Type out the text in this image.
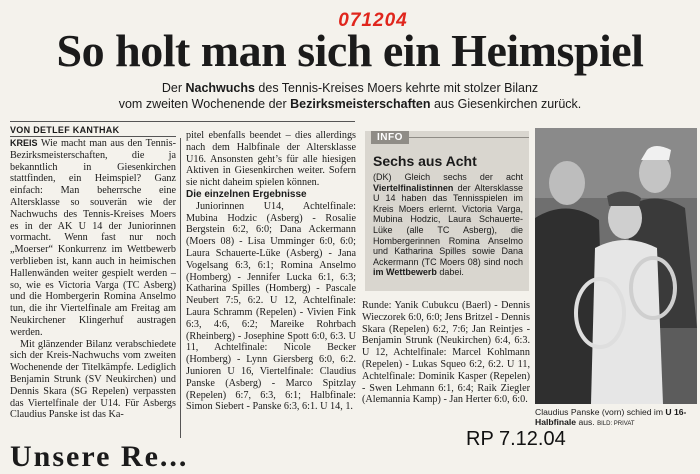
071204
So holt man sich ein Heimspiel
Der Nachwuchs des Tennis-Kreises Moers kehrte mit stolzer Bilanz
vom zweiten Wochenende der Bezirksmeisterschaften aus Giesenkirchen zurück.
VON DETLEF KANTHAK

KREIS Wie macht man aus den Tennis-Bezirksmeisterschaften, die ja bekanntlich in Giesenkirchen stattfinden, ein Heimspiel? Ganz einfach: Man beherrsche eine Altersklasse so souverän wie der Nachwuchs des Tennis-Kreises Moers es in der AK U 14 der Juniorinnen vormacht. Wenn fast nur noch „Moerser“ Konkurrenz im Wettbewerb verblieben ist, kann auch in heimischen Hallenwänden weiter gespielt werden – so, wie es Victoria Varga (TC Asberg) und die Hombergerin Romina Anselmo tun, die ihr Viertelfinale am Freitag am Neukirchener Klingerhuf austragen werden.

Mit glänzender Bilanz verabschiedete sich der Kreis-Nachwuchs vom zweiten Wochenende der Titelkämpfe. Lediglich Benjamin Strunk (SV Neukirchen) und Dennis Skara (SG Repelen) verpassten das Viertelfinale der U14. Für Asbergs Claudius Panske ist das Ka-

pitel ebenfalls beendet – dies allerdings nach dem Halbfinale der Altersklasse U16. Ansonsten geht’s für alle hiesigen Aktiven in Giesenkirchen weiter. Sofern sie nicht daheim spielen können.

Die einzelnen Ergebnisse

Juniorinnen U14, Achtelfinale: Mubina Hodzic (Asberg) - Rosalie Bergstein 6:2, 6:0; Dana Ackermann (Moers 08) - Lisa Umminger 6:0, 6:0; Laura Schauerte-Lüke (Asberg) - Jana Vogelsang 6:3, 6:1; Romina Anselmo (Homberg) - Jennifer Lucka 6:1, 6:3; Katharina Spilles (Homberg) - Pascale Neubert 7:5, 6:2. U 12, Achtelfinale: Laura Schramm (Repelen) - Vivien Fink 6:3, 4:6, 6:2; Mareike Rohrbach (Rheinberg) - Josephine Spott 6:0, 6:3. U 11, Achtelfinale: Nicole Becker (Homberg) - Lynn Giersberg 6:0, 6:2. Junioren U 16, Viertelfinale: Claudius Panske (Asberg) - Marco Spitzlay (Repelen) 6:7, 6:3, 6:1; Halbfinale: Simon Siebert - Panske 6:3, 6:1. U 14, 1.

INFO
Sechs aus Acht
(DK) Gleich sechs der acht Viertelfinalistinnen der Altersklasse U 14 haben das Tennisspielen im Kreis Moers erlernt. Victoria Varga, Mubina Hodzic, Laura Schauerte-Lüke (alle TC Asberg), die Hombergerinnen Romina Anselmo und Katharina Spilles sowie Dana Ackermann (TC Moers 08) sind noch im Wettbewerb dabei.

Runde: Yanik Cubukcu (Baerl) - Dennis Wieczorek 6:0, 6:0; Jens Britzel - Dennis Skara (Repelen) 6:2, 7:6; Jan Reintjes - Benjamin Strunk (Neukirchen) 6:4, 6:3. U 12, Achtelfinale: Marcel Kohlmann (Repelen) - Lukas Squeo 6:2, 6:2. U 11, Achtelfinale: Dominik Kasper (Repelen) - Swen Lehmann 6:1, 6:4; Raik Ziegler (Alemannia Kamp) - Jan Herter 6:0, 6:0.

Claudius Panske (vorn) schied im U 16-Halbfinale aus. BILD: PRIVAT
RP 7.12.04
Unsere Re...
